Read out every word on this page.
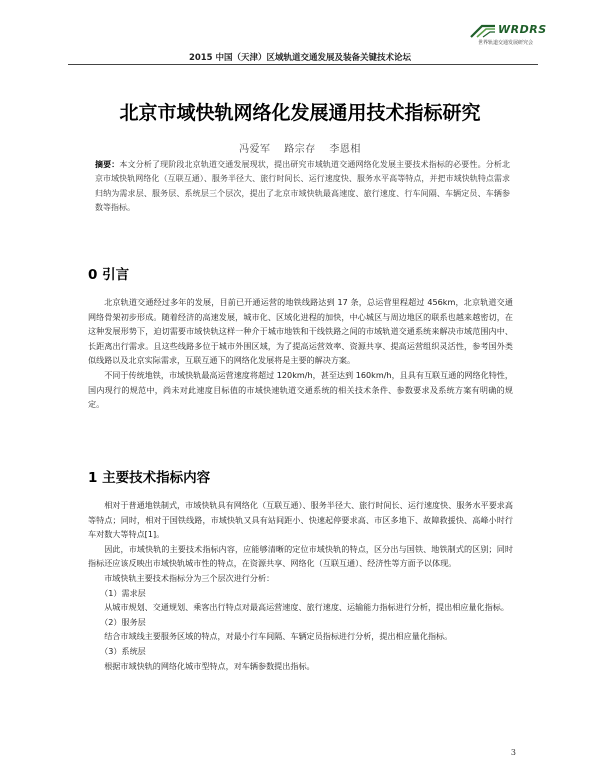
WRDRS
世界轨道交通发展研究会
2015 中国（天津）区域轨道交通发展及装备关键技术论坛
北京市域快轨网络化发展通用技术指标研究
冯爱军 路宗存 李恩相
摘要：本文分析了现阶段北京轨道交通发展现状，提出研究市域轨道交通网络化发展主要技术指标的必要性。分析北京市域快轨网络化（互联互通）、服务半径大、旅行时间长、运行速度快、服务水平高等特点，并把市域快轨特点需求归纳为需求层、服务层、系统层三个层次，提出了北京市域快轨最高速度、旅行速度、行车间隔、车辆定员、车辆参数等指标。
0 引言

北京轨道交通经过多年的发展，目前已开通运营的地铁线路达到 17 条，总运营里程超过 456km，北京轨道交通网络骨架初步形成。随着经济的高速发展，城市化、区域化进程的加快，中心城区与周边地区的联系也越来越密切，在这种发展形势下，迫切需要市域快轨这样一种介于城市地铁和干线铁路之间的市域轨道交通系统来解决市域范围内中、长距离出行需求。且这些线路多位于城市外围区域，为了提高运营效率、资源共享、提高运营组织灵活性，参考国外类似线路以及北京实际需求，互联互通下的网络化发展将是主要的解决方案。

不同于传统地铁，市域快轨最高运营速度将超过 120km/h，甚至达到 160km/h，且具有互联互通的网络化特性，国内现行的规范中，尚未对此速度目标值的市域快速轨道交通系统的相关技术条件、参数要求及系统方案有明确的规定。

1 主要技术指标内容

相对于普通地铁制式，市域快轨具有网络化（互联互通）、服务半径大、旅行时间长、运行速度快、服务水平要求高等特点；同时，相对于国铁线路，市域快轨又具有站间距小、快速起停要求高、市区多地下、故障救援快、高峰小时行车对数大等特点[1]。

因此，市域快轨的主要技术指标内容，应能够清晰的定位市域快轨的特点，区分出与国铁、地铁制式的区别；同时指标还应该反映出市域快轨城市性的特点，在资源共享、网络化（互联互通）、经济性等方面予以体现。

市域快轨主要技术指标分为三个层次进行分析：

（1）需求层

从城市规划、交通规划、乘客出行特点对最高运营速度、旅行速度、运输能力指标进行分析，提出相应量化指标。

（2）服务层

结合市域线主要服务区域的特点，对最小行车间隔、车辆定员指标进行分析，提出相应量化指标。

（3）系统层

根据市域快轨的网络化城市型特点，对车辆参数提出指标。

3
